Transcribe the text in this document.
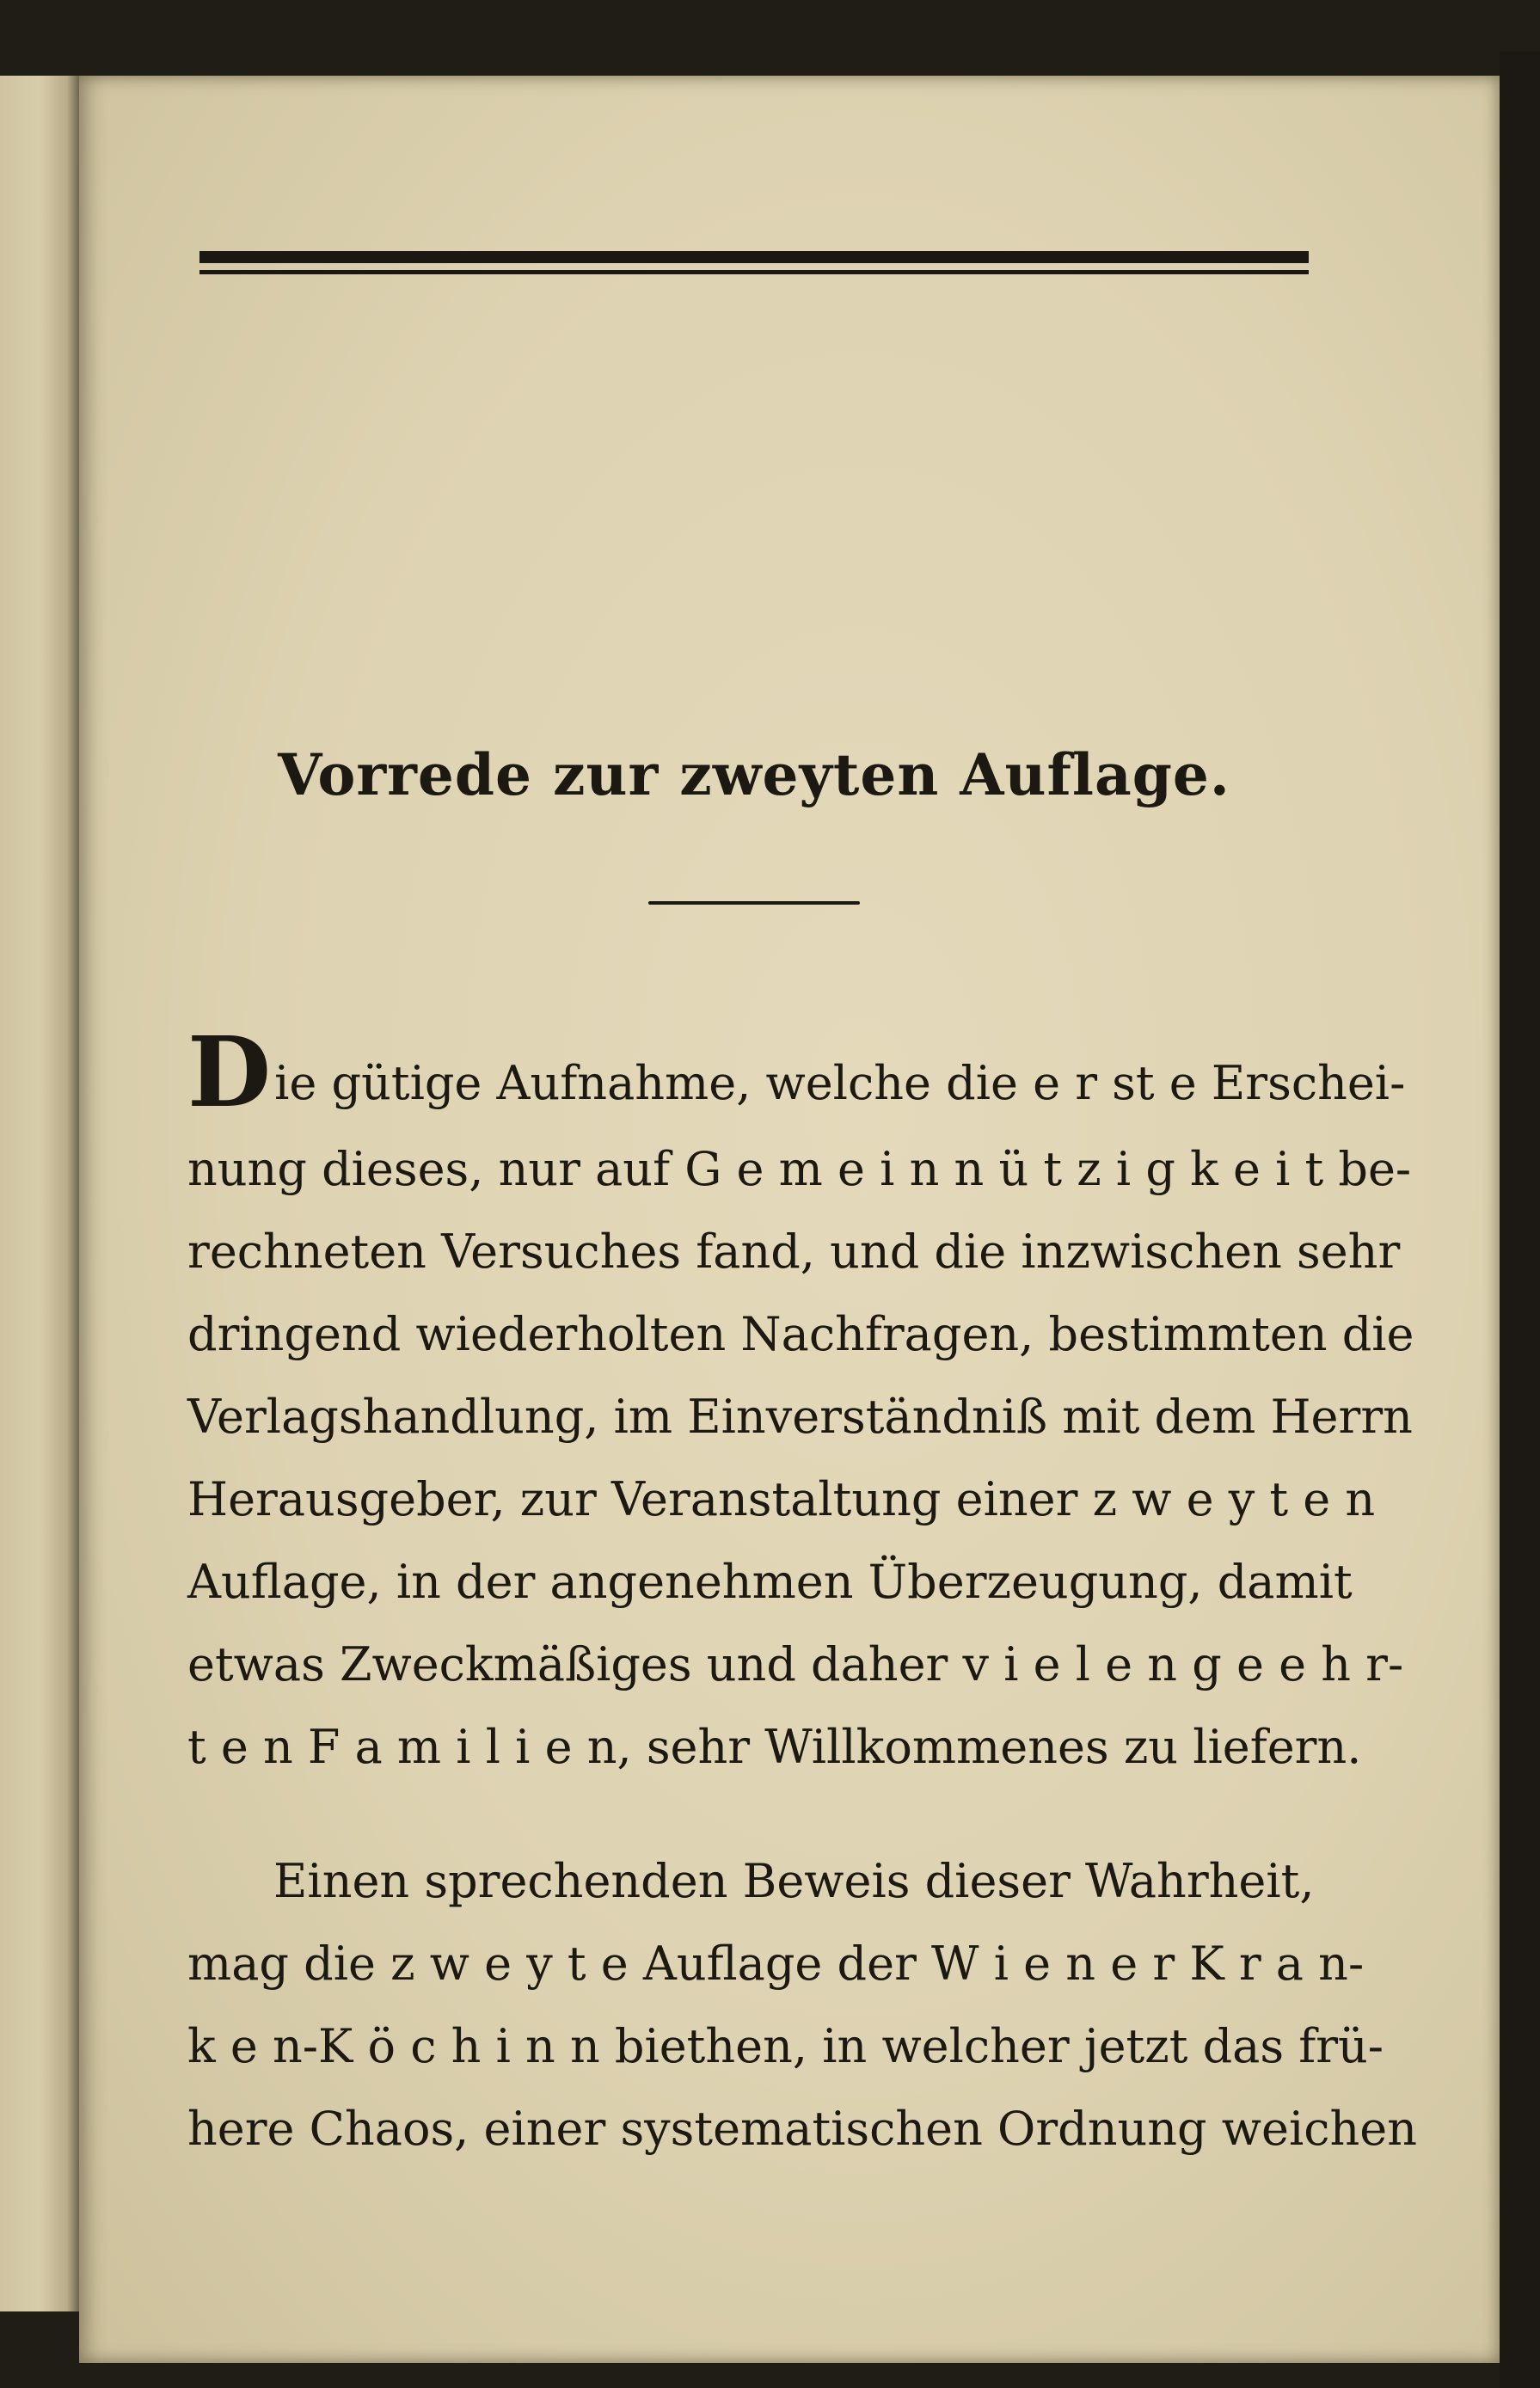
Vorrede zur zweyten Auflage.
Die gütige Aufnahme, welche die e r st e Erschei-
nung dieses, nur auf G e m e i n n ü t z i g k e i t be-
rechneten Versuches fand, und die inzwischen sehr
dringend wiederholten Nachfragen, bestimmten die
Verlagshandlung, im Einverständniß mit dem Herrn
Herausgeber, zur Veranstaltung einer z w e y t e n
Auflage, in der angenehmen Überzeugung, damit
etwas Zweckmäßiges und daher v i e l e n g e e h r-
t e n F a m i l i e n, sehr Willkommenes zu liefern.
Einen sprechenden Beweis dieser Wahrheit,
mag die z w e y t e Auflage der W i e n e r K r a n-
k e n-K ö c h i n n biethen, in welcher jetzt das frü-
here Chaos, einer systematischen Ordnung weichen
